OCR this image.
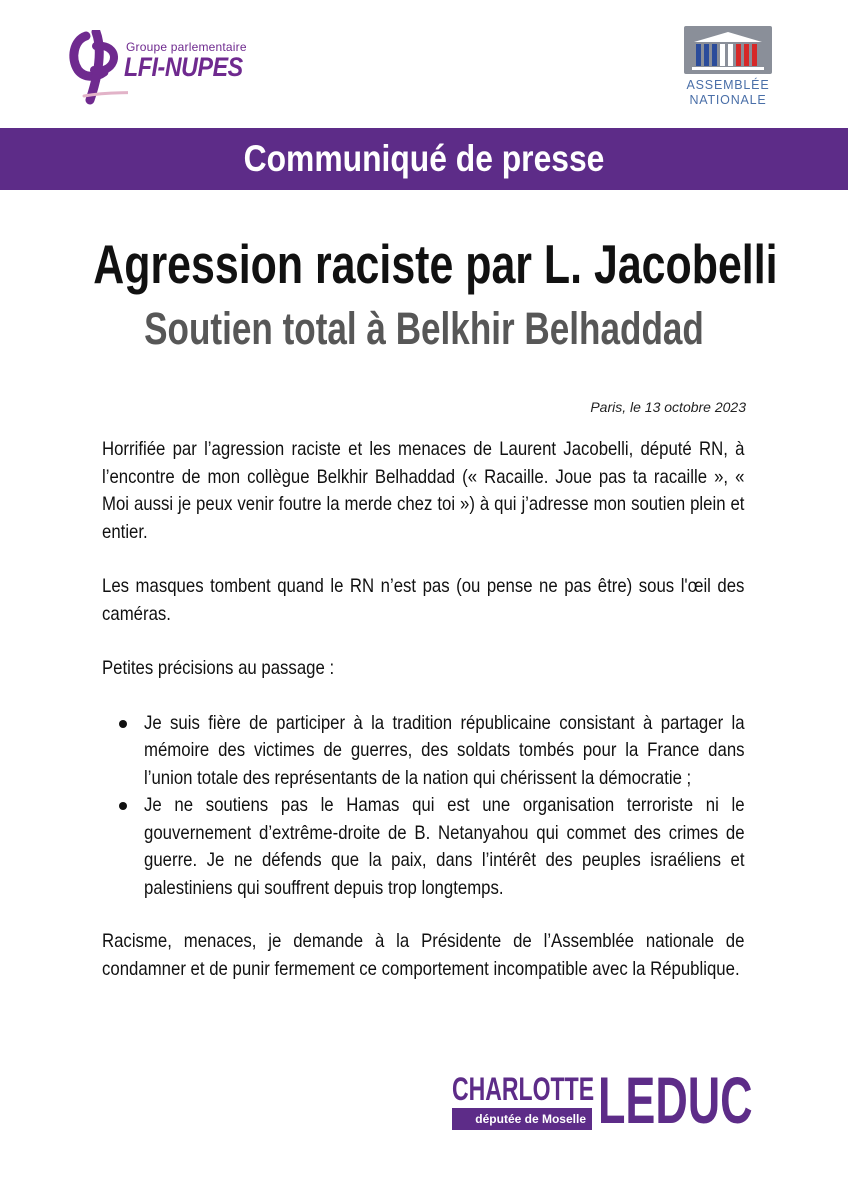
Groupe parlementaire
LFI-NUPES
ASSEMBLÉE
NATIONALE
Communiqué de presse
Agression raciste par L. Jacobelli
Soutien total à Belkhir Belhaddad
Paris, le 13 octobre 2023

Horrifiée par l’agression raciste et les menaces de Laurent Jacobelli, député RN, à l’encontre de mon collègue Belkhir Belhaddad (« Racaille. Joue pas ta racaille », « Moi aussi je peux venir foutre la merde chez toi ») à qui j’adresse mon soutien plein et entier.

Les masques tombent quand le RN n’est pas (ou pense ne pas être) sous l'œil des caméras.

Petites précisions au passage :

Je suis fière de participer à la tradition républicaine consistant à partager la mémoire des victimes de guerres, des soldats tombés pour la France dans l’union totale des représentants de la nation qui chérissent la démocratie ;
Je ne soutiens pas le Hamas qui est une organisation terroriste ni le gouvernement d’extrême-droite de B. Netanyahou qui commet des crimes de guerre. Je ne défends que la paix, dans l’intérêt des peuples israéliens et palestiniens qui souffrent depuis trop longtemps.

Racisme, menaces, je demande à la Présidente de l’Assemblée nationale de condamner et de punir fermement ce comportement incompatible avec la République.

CHARLOTTE
députée de Moselle LEDUC
